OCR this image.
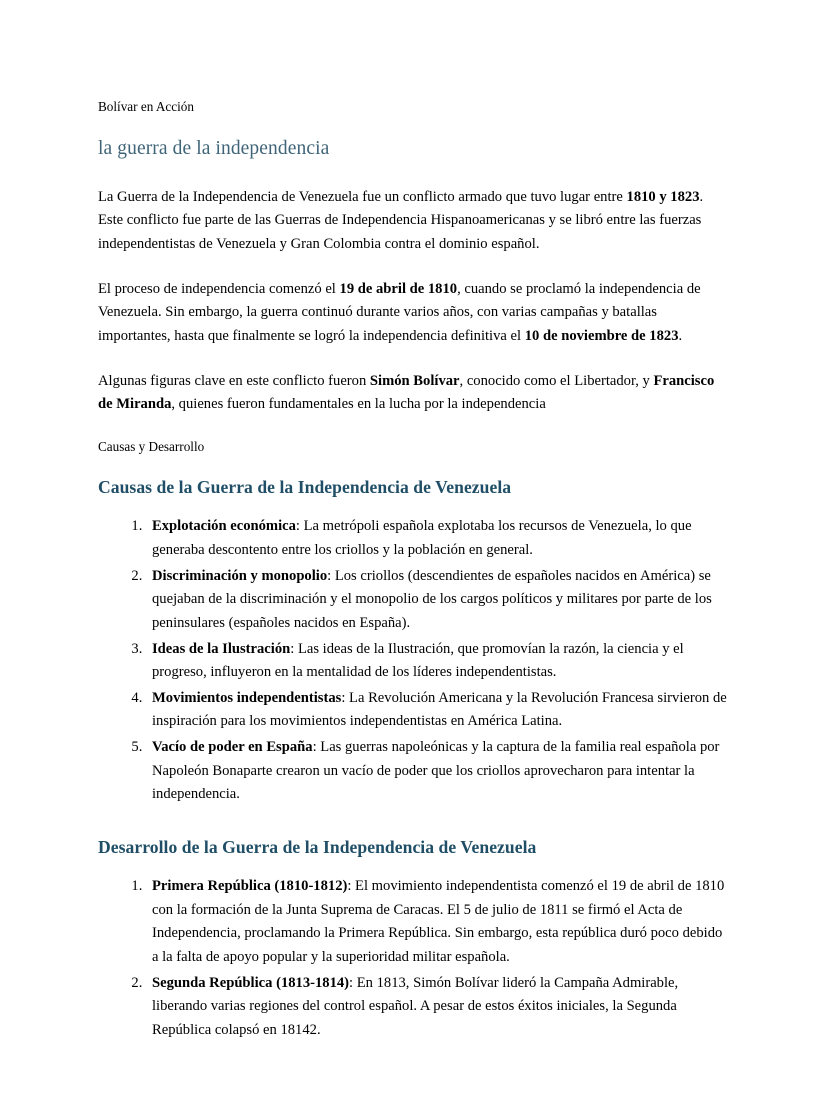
Bolívar en Acción

la guerra de la independencia

La Guerra de la Independencia de Venezuela fue un conflicto armado que tuvo lugar entre 1810 y 1823. Este conflicto fue parte de las Guerras de Independencia Hispanoamericanas y se libró entre las fuerzas independentistas de Venezuela y Gran Colombia contra el dominio español.

El proceso de independencia comenzó el 19 de abril de 1810, cuando se proclamó la independencia de Venezuela. Sin embargo, la guerra continuó durante varios años, con varias campañas y batallas importantes, hasta que finalmente se logró la independencia definitiva el 10 de noviembre de 1823.

Algunas figuras clave en este conflicto fueron Simón Bolívar, conocido como el Libertador, y Francisco de Miranda, quienes fueron fundamentales en la lucha por la independencia

Causas y Desarrollo

Causas de la Guerra de la Independencia de Venezuela
1. Explotación económica: La metrópoli española explotaba los recursos de Venezuela, lo que generaba descontento entre los criollos y la población en general.
2. Discriminación y monopolio: Los criollos (descendientes de españoles nacidos en América) se quejaban de la discriminación y el monopolio de los cargos políticos y militares por parte de los peninsulares (españoles nacidos en España).
3. Ideas de la Ilustración: Las ideas de la Ilustración, que promovían la razón, la ciencia y el progreso, influyeron en la mentalidad de los líderes independentistas.
4. Movimientos independentistas: La Revolución Americana y la Revolución Francesa sirvieron de inspiración para los movimientos independentistas en América Latina.
5. Vacío de poder en España: Las guerras napoleónicas y la captura de la familia real española por Napoleón Bonaparte crearon un vacío de poder que los criollos aprovecharon para intentar la independencia.
Desarrollo de la Guerra de la Independencia de Venezuela
1. Primera República (1810-1812): El movimiento independentista comenzó el 19 de abril de 1810 con la formación de la Junta Suprema de Caracas. El 5 de julio de 1811 se firmó el Acta de Independencia, proclamando la Primera República. Sin embargo, esta república duró poco debido a la falta de apoyo popular y la superioridad militar española.
2. Segunda República (1813-1814): En 1813, Simón Bolívar lideró la Campaña Admirable, liberando varias regiones del control español. A pesar de estos éxitos iniciales, la Segunda República colapsó en 18142.
